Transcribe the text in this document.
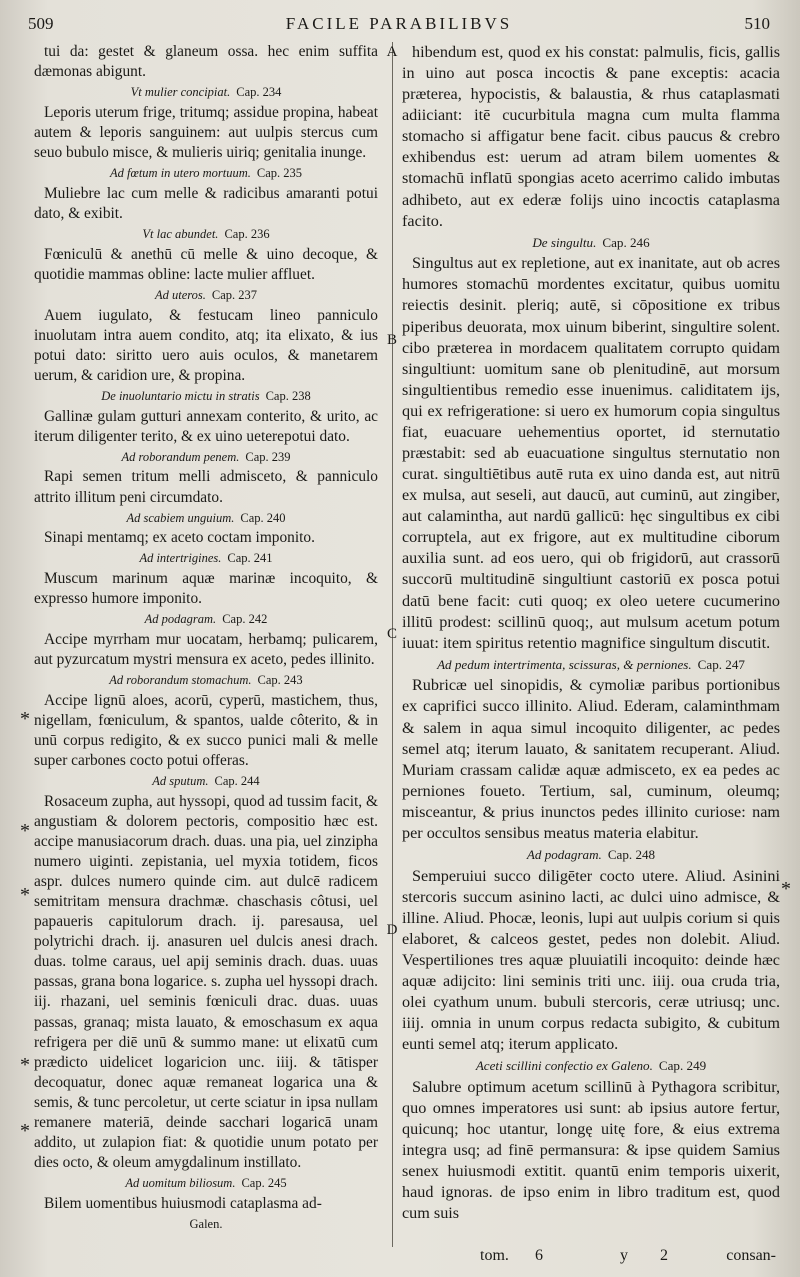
509	FACILE PARABILIBVS	510
A
B
C
D
*
*
*
*
*
*
tui da: gestet & glaneum ossa. hec enim suffita dæmonas abigunt.
Vt mulier concipiat. Cap. 234
Leporis uterum frige, tritumq; assidue propina, habeat autem & leporis sanguinem: aut uulpis stercus cum seuo bubulo misce, & mulieris uiriq; genitalia inunge.
Ad fœtum in utero mortuum. Cap. 235
Muliebre lac cum melle & radicibus amaranti potui dato, & exibit.
Vt lac abundet. Cap. 236
Fœniculū & anethū cū melle & uino decoque, & quotidie mammas obline: lacte mulier affluet.
Ad uteros. Cap. 237
Auem iugulato, & festucam lineo panniculo inuolutam intra auem condito, atq; ita elixato, & ius potui dato: siritto uero auis oculos, & manetarem uerum, & caridion ure, & propina.
De inuoluntario mictu in stratis Cap. 238
Gallinæ gulam gutturi annexam conterito, & urito, ac iterum diligenter terito, & ex uino ueterepotui dato.
Ad roborandum penem. Cap. 239
Rapi semen tritum melli admisceto, & panniculo attrito illitum peni circumdato.
Ad scabiem unguium. Cap. 240
Sinapi mentamq; ex aceto coctam imponito.
Ad intertrigines. Cap. 241
Muscum marinum aquæ marinæ incoquito, & expresso humore imponito.
Ad podagram. Cap. 242
Accipe myrrham mur uocatam, herbamq; pulicarem, aut pyzurcatum mystri mensura ex aceto, pedes illinito.
Ad roborandum stomachum. Cap. 243
Accipe lignū aloes, acorū, cyperū, mastichem, thus, nigellam, fœniculum, & spantos, ualde côterito, & in unū corpus redigito, & ex succo punici mali & melle super carbones cocto potui offeras.
Ad sputum. Cap. 244
Rosaceum zupha, aut hyssopi, quod ad tussim facit, & angustiam & dolorem pectoris, compositio hæc est. accipe manusiacorum drach. duas. una pia, uel zinzipha numero uiginti. zepistania, uel myxia totidem, ficos aspr. dulces numero quinde cim. aut dulcē radicem semitritam mensura drachmæ. chaschasis côtusi, uel papaueris capitulorum drach. ij. paresausa, uel polytrichi drach. ij. anasuren uel dulcis anesi drach. duas. tolme caraus, uel apij seminis drach. duas. uuas passas, grana bona logarice. s. zupha uel hyssopi drach. iij. rhazani, uel seminis fœniculi drac. duas. uuas passas, granaq; mista lauato, & emoschasum ex aqua refrigera per diē unū & summo mane: ut elixatū cum prædicto uidelicet logaricion unc. iiij. & tātisper decoquatur, donec aquæ remaneat logarica una & semis, & tunc percoletur, ut certe sciatur in ipsa nullam remanere materiā, deinde sacchari logaricā unam addito, ut zulapion fiat: & quotidie unum potato per dies octo, & oleum amygdalinum instillato.
Ad uomitum biliosum. Cap. 245
Bilem uomentibus huiusmodi cataplasma ad-
Galen.
hibendum est, quod ex his constat: palmulis, ficis, gallis in uino aut posca incoctis & pane exceptis: acacia præterea, hypocistis, & balaustia, & rhus cataplasmati adiiciant: itē cucurbitula magna cum multa flamma stomacho si affigatur bene facit. cibus paucus & crebro exhibendus est: uerum ad atram bilem uomentes & stomachū inflatū spongias aceto acerrimo calido imbutas adhibeto, aut ex ederæ folijs uino incoctis cataplasma facito.
De singultu. Cap. 246
Singultus aut ex repletione, aut ex inanitate, aut ob acres humores stomachū mordentes excitatur, quibus uomitu reiectis desinit. pleriq; autē, si cōpositione ex tribus piperibus deuorata, mox uinum biberint, singultire solent. cibo præterea in mordacem qualitatem corrupto quidam singultiunt: uomitum sane ob plenitudinē, aut morsum singultientibus remedio esse inuenimus. caliditatem ijs, qui ex refrigeratione: si uero ex humorum copia singultus fiat, euacuare uehementius oportet, id sternutatio præstabit: sed ab euacuatione singultus sternutatio non curat. singultiētibus autē ruta ex uino danda est, aut nitrū ex mulsa, aut seseli, aut daucū, aut cuminū, aut zingiber, aut calamintha, aut nardū gallicū: hęc singultibus ex cibi corruptela, aut ex frigore, aut ex multitudine ciborum auxilia sunt. ad eos uero, qui ob frigidorū, aut crassorū succorū multitudinē singultiunt castoriū ex posca potui datū bene facit: cuti quoq; ex oleo uetere cucumerino illitū prodest: scillinū quoq;, aut mulsum acetum potum iuuat: item spiritus retentio magnifice singultum discutit.
Ad pedum intertrimenta, scissuras, & perniones. Cap. 247
Rubricæ uel sinopidis, & cymoliæ paribus portionibus ex caprifici succo illinito. Aliud. Ederam, calaminthmam & salem in aqua simul incoquito diligenter, ac pedes semel atq; iterum lauato, & sanitatem recuperant. Aliud. Muriam crassam calidæ aquæ admisceto, ex ea pedes ac perniones foueto. Tertium, sal, cuminum, oleumq; misceantur, & prius inunctos pedes illinito curiose: nam per occultos sensibus meatus materia elabitur.
Ad podagram. Cap. 248
Semperuiui succo diligēter cocto utere. Aliud. Asinini stercoris succum asinino lacti, ac dulci uino admisce, & illine. Aliud. Phocæ, leonis, lupi aut uulpis corium si quis elaboret, & calceos gestet, pedes non dolebit. Aliud. Vespertiliones tres aquæ pluuiatili incoquito: deinde hæc aquæ adijcito: lini seminis triti unc. iiij. oua cruda tria, olei cyathum unum. bubuli stercoris, ceræ utriusq; unc. iiij. omnia in unum corpus redacta subigito, & cubitum eunti semel atq; iterum applicato.
Aceti scillini confectio ex Galeno. Cap. 249
Salubre optimum acetum scillinū à Pythagora scribitur, quo omnes imperatores usi sunt: ab ipsius autore fertur, quicunq; hoc utantur, longę uitę fore, & eius extrema integra usq; ad finē permansura: & ipse quidem Samius senex huiusmodi extitit. quantū enim temporis uixerit, haud ignoras. de ipso enim in libro traditum est, quod cum suis
tom. 6	y 2	consan-
